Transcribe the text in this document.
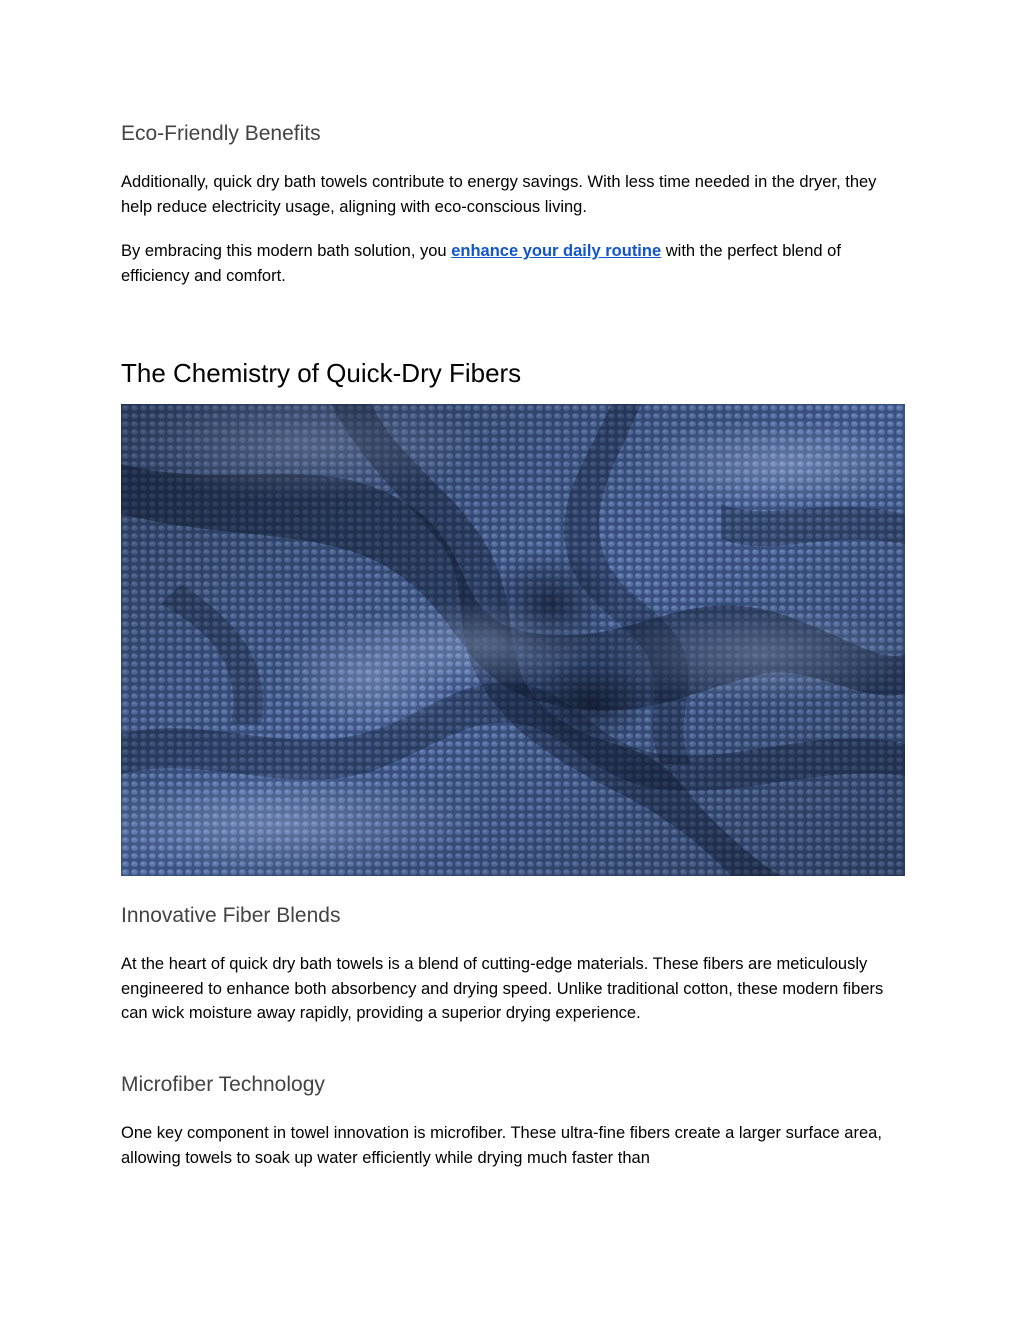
Eco-Friendly Benefits

Additionally, quick dry bath towels contribute to energy savings. With less time needed in the dryer, they help reduce electricity usage, aligning with eco-conscious living.

By embracing this modern bath solution, you enhance your daily routine with the perfect blend of efficiency and comfort.

The Chemistry of Quick-Dry Fibers
Innovative Fiber Blends

At the heart of quick dry bath towels is a blend of cutting-edge materials. These fibers are meticulously engineered to enhance both absorbency and drying speed. Unlike traditional cotton, these modern fibers can wick moisture away rapidly, providing a superior drying experience.

Microfiber Technology

One key component in towel innovation is microfiber. These ultra-fine fibers create a larger surface area, allowing towels to soak up water efficiently while drying much faster than
